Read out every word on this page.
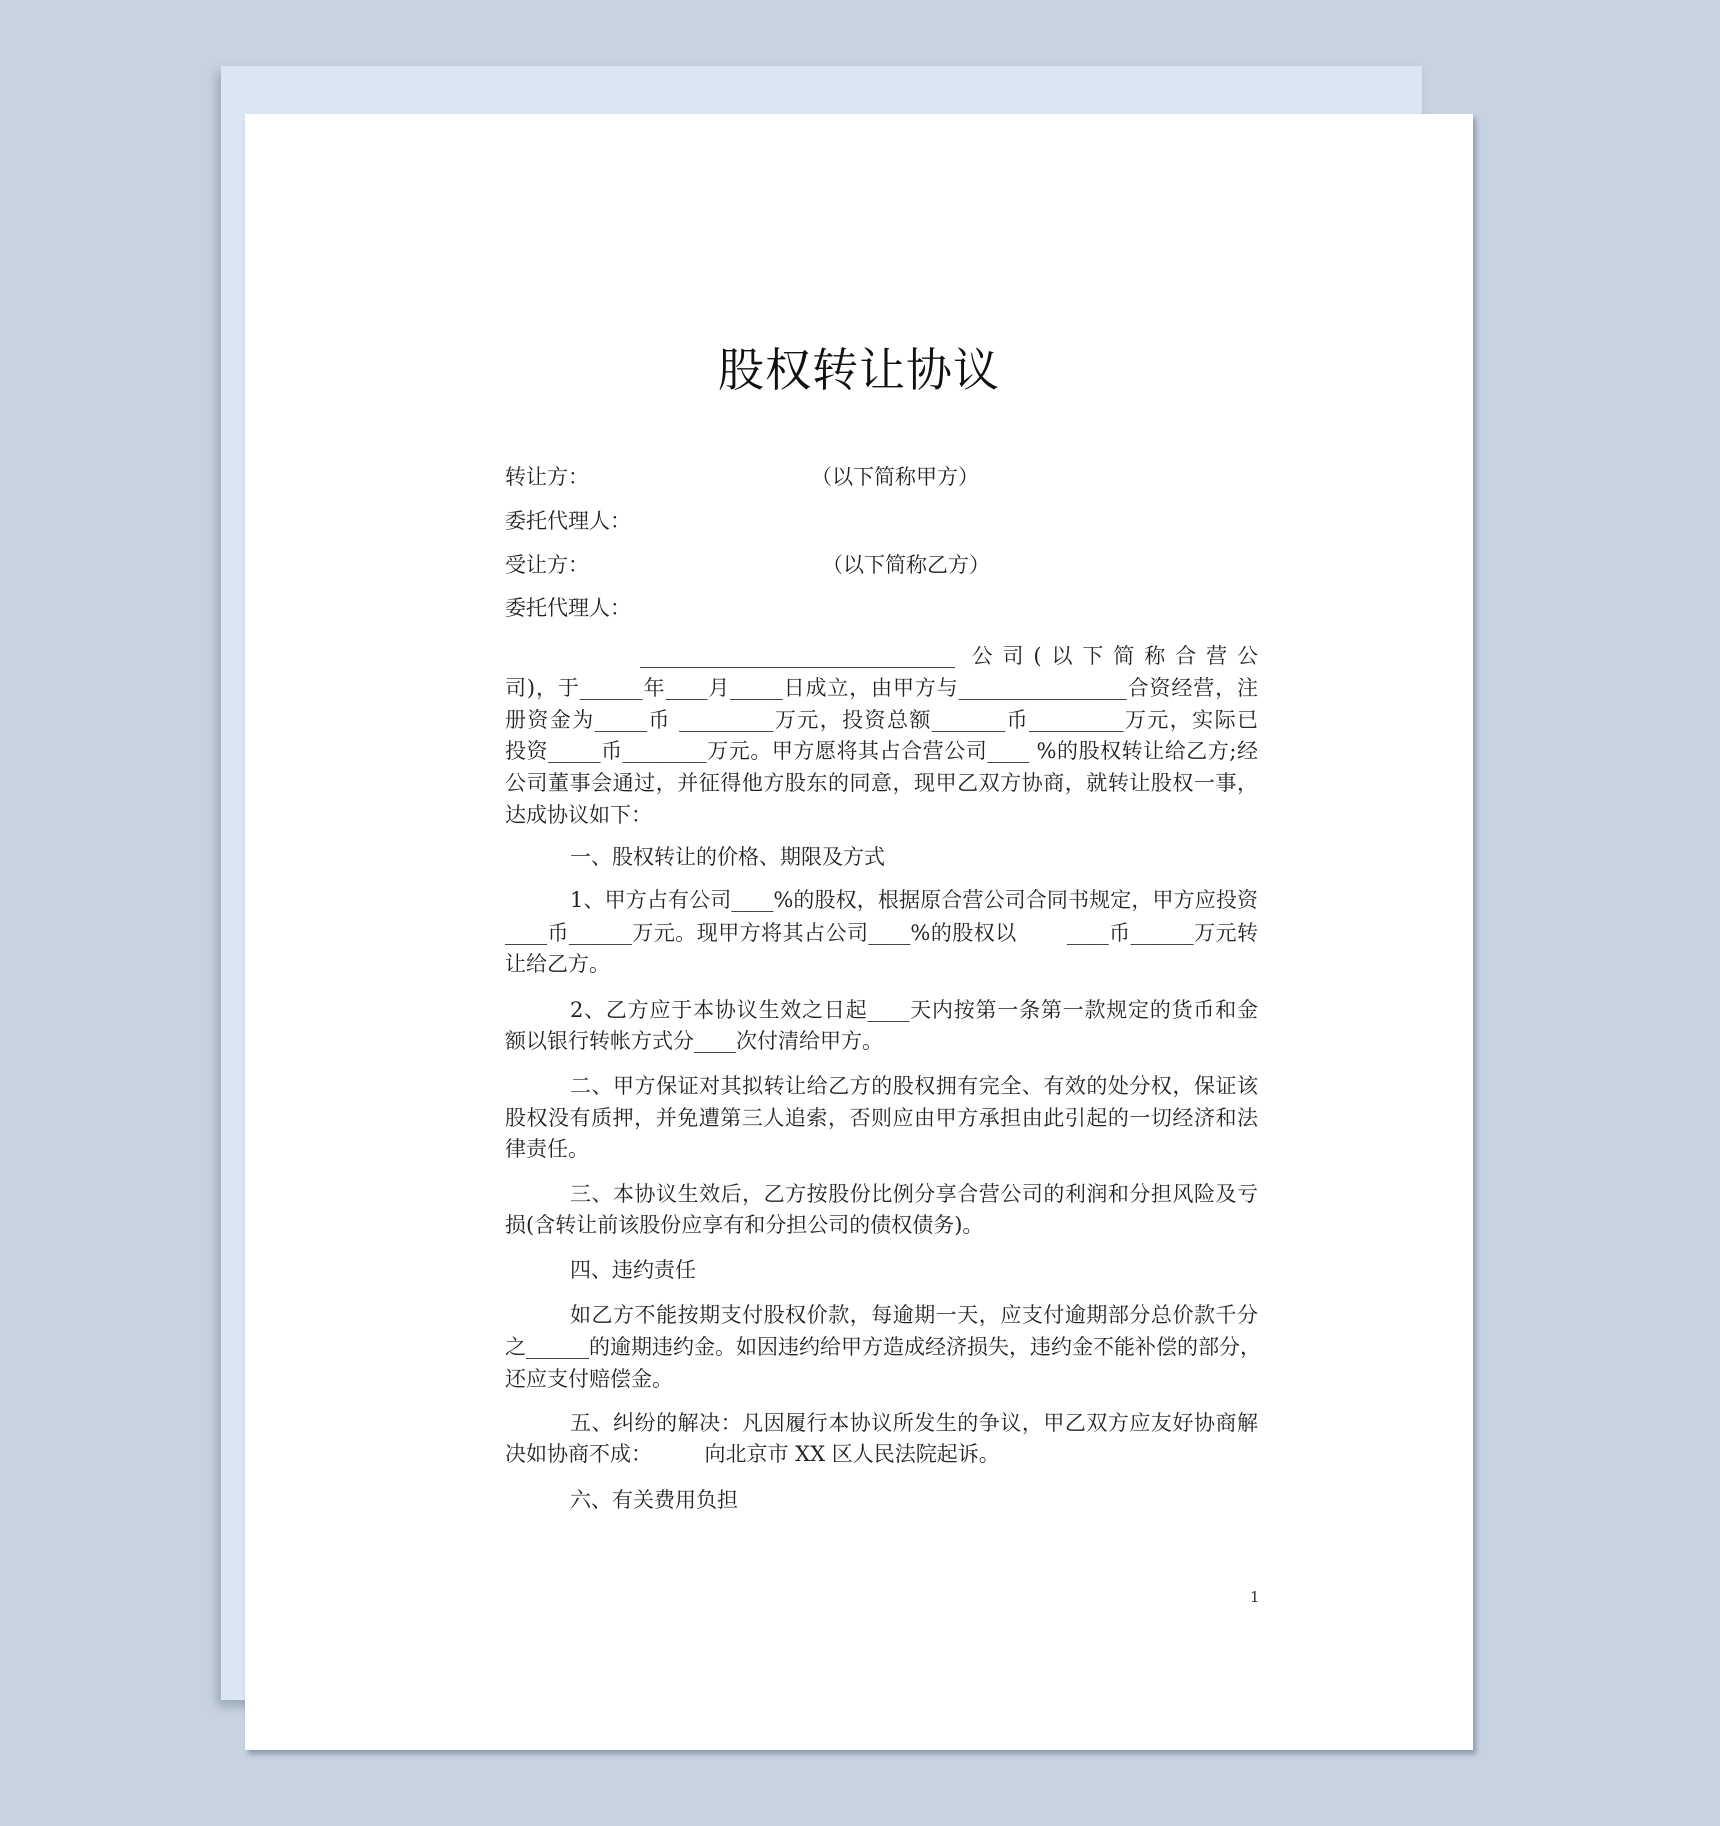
股权转让协议
转让方：	（以下简称甲方）
委托代理人：
受让方：	（以下简称乙方）
委托代理人：
______________________________ 公司(以下简称合营公
司)，于______年____月_____日成立，由甲方与________________合资经营，注
册资金为_____币 _________万元，投资总额_______币_________万元，实际已
投资_____币________万元。甲方愿将其占合营公司____ %的股权转让给乙方;经
公司董事会通过，并征得他方股东的同意，现甲乙双方协商，就转让股权一事，
达成协议如下：
一、股权转让的价格、期限及方式
1、甲方占有公司____%的股权，根据原合营公司合同书规定，甲方应投资
____币______万元。现甲方将其占公司____%的股权以　　 ____币______万元转
让给乙方。
2、乙方应于本协议生效之日起____天内按第一条第一款规定的货币和金
额以银行转帐方式分____次付清给甲方。
二、甲方保证对其拟转让给乙方的股权拥有完全、有效的处分权，保证该
股权没有质押，并免遭第三人追索，否则应由甲方承担由此引起的一切经济和法
律责任。
三、本协议生效后，乙方按股份比例分享合营公司的利润和分担风险及亏
损(含转让前该股份应享有和分担公司的债权债务)。
四、违约责任
如乙方不能按期支付股权价款，每逾期一天，应支付逾期部分总价款千分
之______的逾期违约金。如因违约给甲方造成经济损失，违约金不能补偿的部分，
还应支付赔偿金。
五、纠纷的解决：凡因履行本协议所发生的争议，甲乙双方应友好协商解
决如协商不成：　　　向北京市 XX 区人民法院起诉。
六、有关费用负担
1
